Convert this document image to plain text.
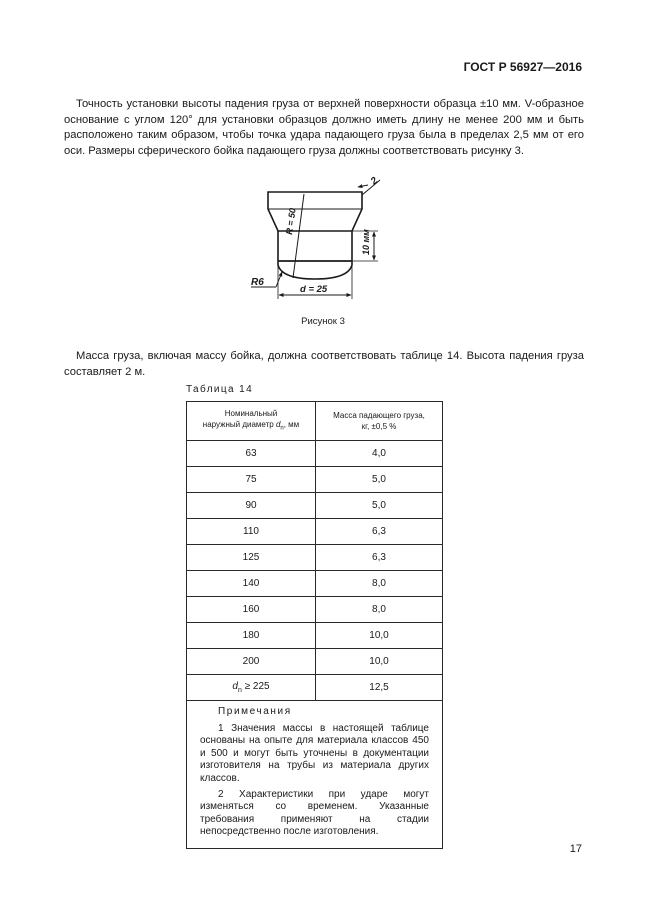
ГОСТ Р 56927—2016

Точность установки высоты падения груза от верхней поверхности образца ±10 мм. V-образное основание с углом 120° для установки образцов должно иметь длину не менее 200 мм и быть расположено таким образом, чтобы точка удара падающего груза была в пределах 2,5 мм от его оси. Размеры сферического бойка падающего груза должны соответствовать рисунку 3.

2
R = 50
10 мм
R6
d = 25
Рисунок 3

Масса груза, включая массу бойка, должна соответствовать таблице 14. Высота падения груза составляет 2 м.

Таблица 14
Номинальный
наружный диаметр $d_n$, мм	Масса падающего груза,
кг, ±0,5 %
63	4,0
75	5,0
90	5,0
110	6,3
125	6,3
140	8,0
160	8,0
180	10,0
200	10,0
$d_n \ge 225$	12,5

Примечания

1 Значения массы в настоящей таблице основаны на опыте для материала классов 450 и 500 и могут быть уточнены в документации изготовителя на трубы из материала других классов.

2 Характеристики при ударе могут изменяться со временем. Указанные требования применяют на стадии непосредственно после изготовления.	

17
